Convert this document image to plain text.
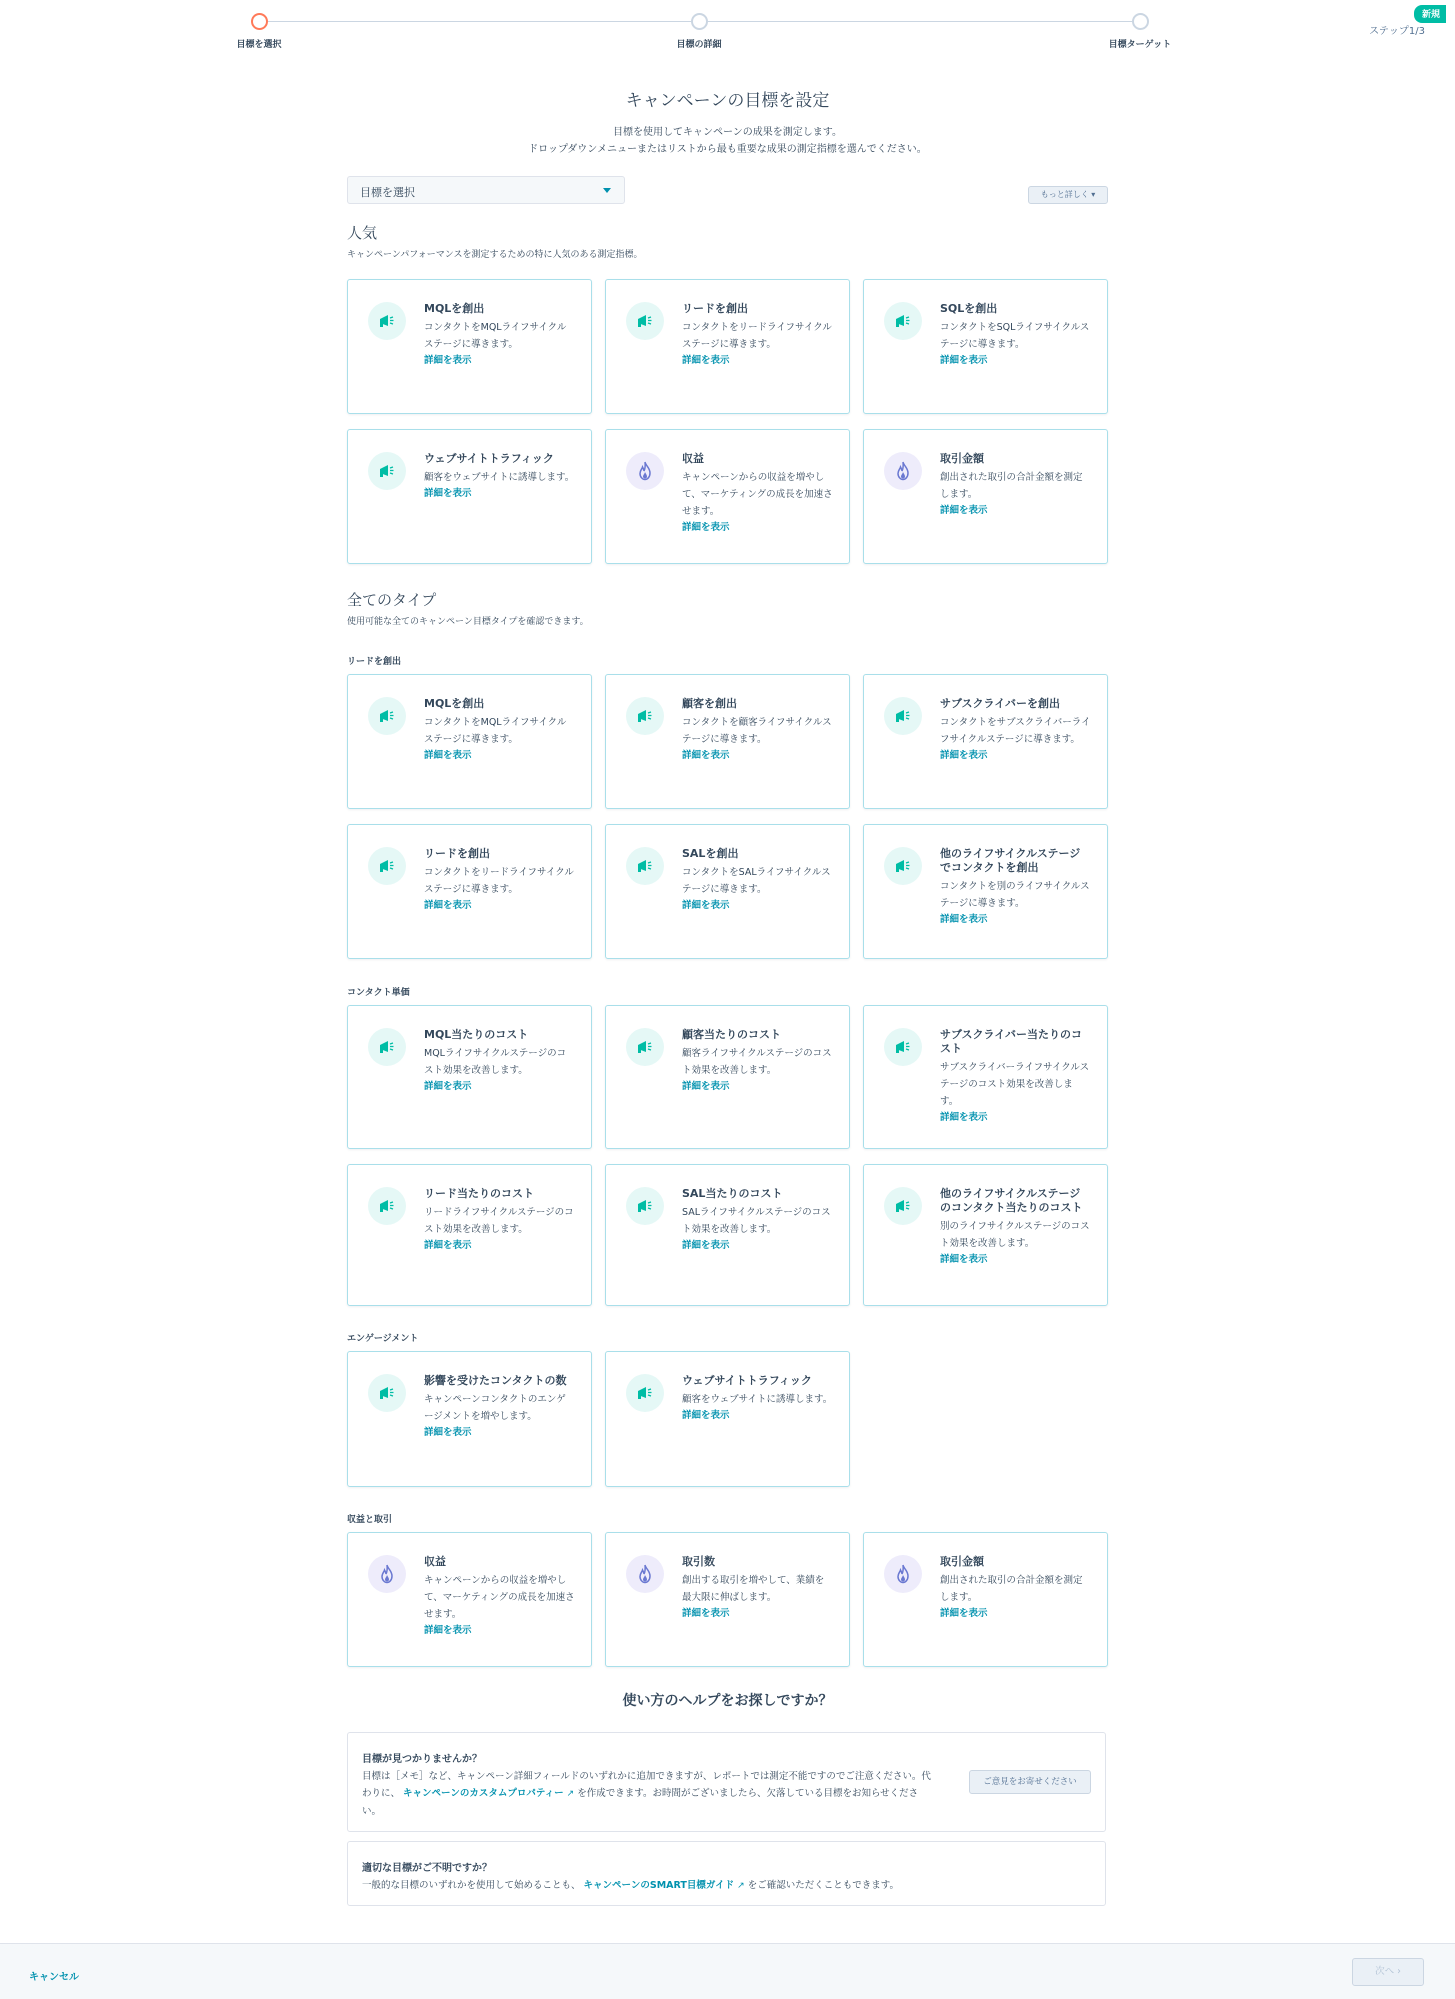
目標を選択	目標の詳細	目標ターゲット
ステップ1/3
新規
キャンペーンの目標を設定
目標を使用してキャンペーンの成果を測定します。
ドロップダウンメニューまたはリストから最も重要な成果の測定指標を選んでください。
目標を選択	もっと詳しく ▾
人気
キャンペーンパフォーマンスを測定するための特に人気のある測定指標。
MQLを創出
コンタクトをMQLライフサイクルステージに導きます。
詳細を表示
リードを創出
コンタクトをリードライフサイクルステージに導きます。
詳細を表示
SQLを創出
コンタクトをSQLライフサイクルステージに導きます。
詳細を表示
ウェブサイトトラフィック
顧客をウェブサイトに誘導します。
詳細を表示
収益
キャンペーンからの収益を増やして、マーケティングの成長を加速させます。
詳細を表示
取引金額
創出された取引の合計金額を測定します。
詳細を表示
全てのタイプ
使用可能な全てのキャンペーン目標タイプを確認できます。
リードを創出
MQLを創出
コンタクトをMQLライフサイクルステージに導きます。
詳細を表示
顧客を創出
コンタクトを顧客ライフサイクルステージに導きます。
詳細を表示
サブスクライバーを創出
コンタクトをサブスクライバーライフサイクルステージに導きます。
詳細を表示
リードを創出
コンタクトをリードライフサイクルステージに導きます。
詳細を表示
SALを創出
コンタクトをSALライフサイクルステージに導きます。
詳細を表示
他のライフサイクルステージでコンタクトを創出
コンタクトを別のライフサイクルステージに導きます。
詳細を表示
コンタクト単価
MQL当たりのコスト
MQLライフサイクルステージのコスト効果を改善します。
詳細を表示
顧客当たりのコスト
顧客ライフサイクルステージのコスト効果を改善します。
詳細を表示
サブスクライバー当たりのコスト
サブスクライバーライフサイクルステージのコスト効果を改善します。
詳細を表示
リード当たりのコスト
リードライフサイクルステージのコスト効果を改善します。
詳細を表示
SAL当たりのコスト
SALライフサイクルステージのコスト効果を改善します。
詳細を表示
他のライフサイクルステージのコンタクト当たりのコスト
別のライフサイクルステージのコスト効果を改善します。
詳細を表示
エンゲージメント
影響を受けたコンタクトの数
キャンペーンコンタクトのエンゲージメントを増やします。
詳細を表示
ウェブサイトトラフィック
顧客をウェブサイトに誘導します。
詳細を表示
収益と取引
収益
キャンペーンからの収益を増やして、マーケティングの成長を加速させます。
詳細を表示
取引数
創出する取引を増やして、業績を最大限に伸ばします。
詳細を表示
取引金額
創出された取引の合計金額を測定します。
詳細を表示
使い方のヘルプをお探しですか？
目標が見つかりませんか？
目標は［メモ］など、キャンペーン詳細フィールドのいずれかに追加できますが、レポートでは測定不能ですのでご注意ください。代わりに、 キャンペーンのカスタムプロパティー ↗ を作成できます。お時間がございましたら、欠落している目標をお知らせください。
ご意見をお寄せください
適切な目標がご不明ですか？
一般的な目標のいずれかを使用して始めることも、 キャンペーンのSMART目標ガイド ↗ をご確認いただくこともできます。
キャンセル
次へ ›
